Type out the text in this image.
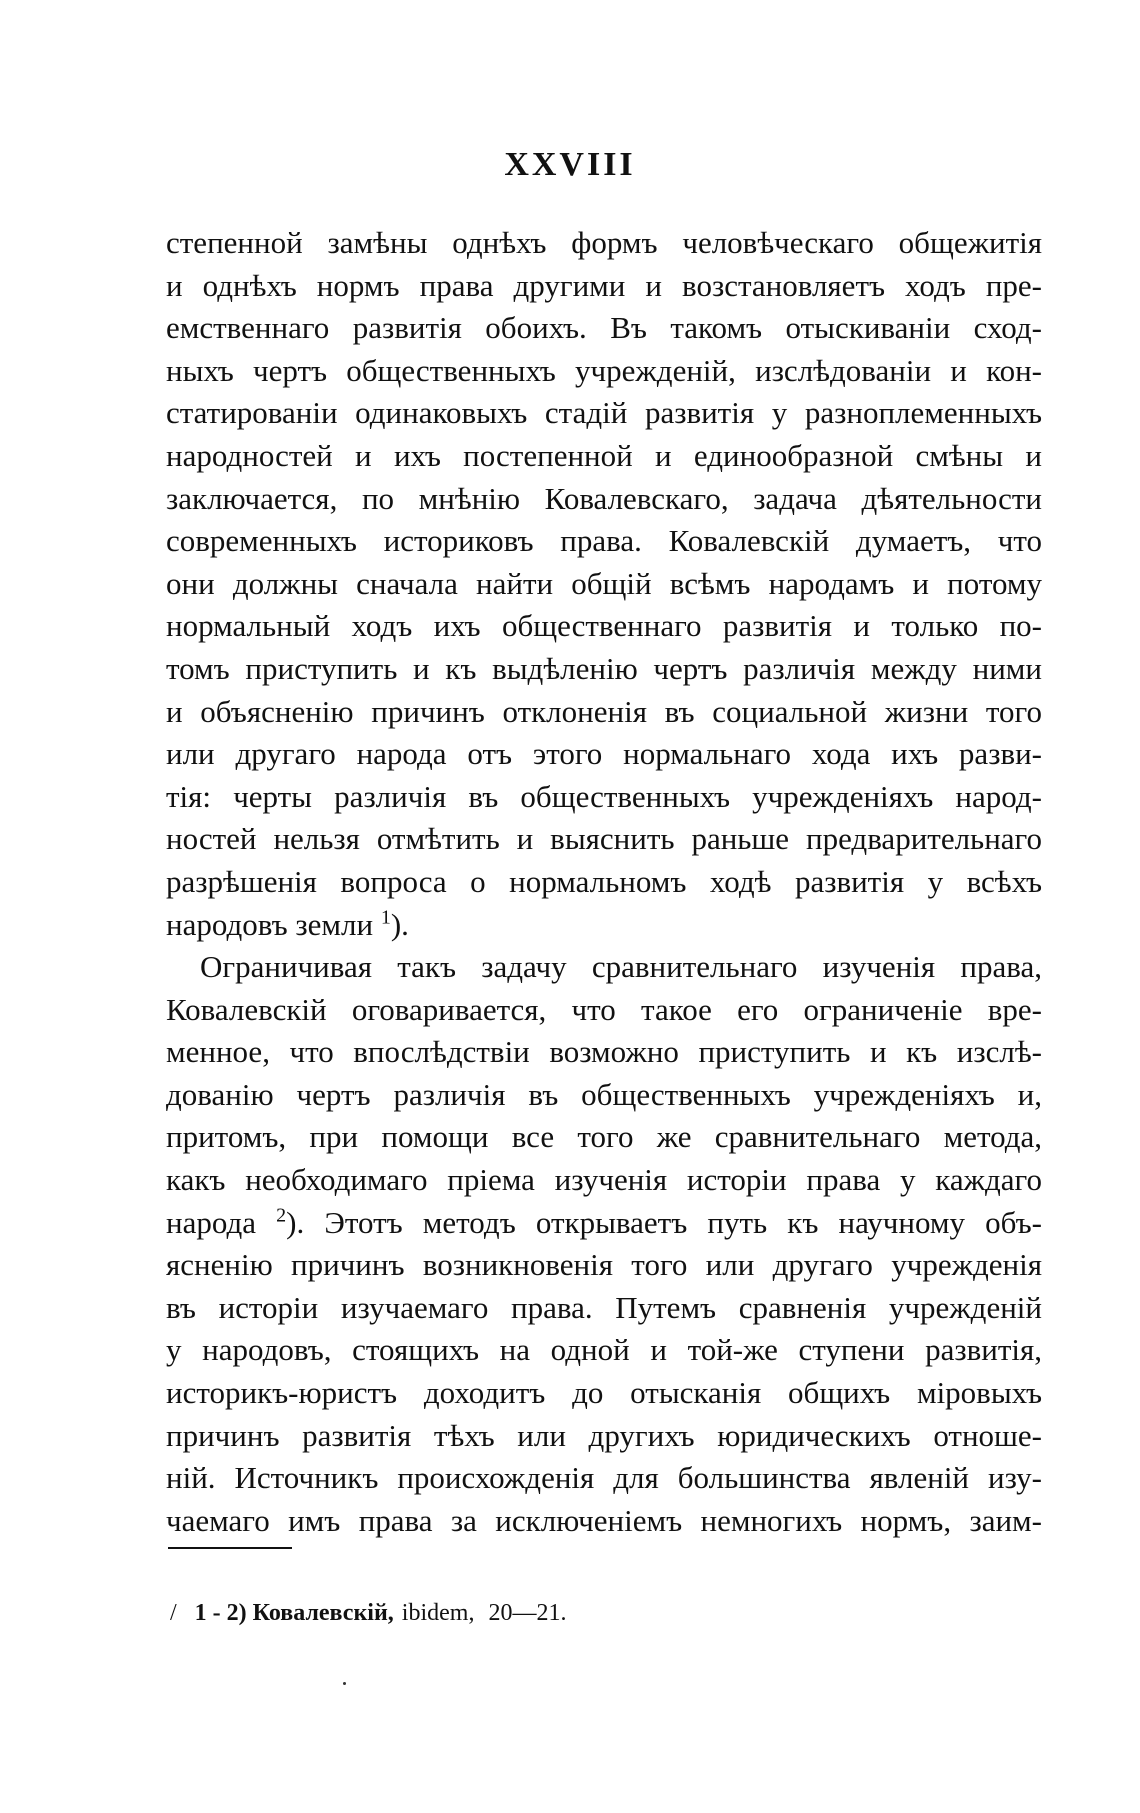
XXVIII
степенной замѣны однѣхъ формъ человѣческаго общежитія
и однѣхъ нормъ права другими и возстановляетъ ходъ пре-
емственнаго развитія обоихъ. Въ такомъ отыскиваніи сход-
ныхъ чертъ общественныхъ учрежденій, изслѣдованіи и кон-
статированіи одинаковыхъ стадій развитія у разноплеменныхъ
народностей и ихъ постепенной и единообразной смѣны и
заключается, по мнѣнію Ковалевскаго, задача дѣятельности
современныхъ историковъ права. Ковалевскій думаетъ, что
они должны сначала найти общій всѣмъ народамъ и потому
нормальный ходъ ихъ общественнаго развитія и только по-
томъ приступить и къ выдѣленію чертъ различія между ними
и объясненію причинъ отклоненія въ социальной жизни того
или другаго народа отъ этого нормальнаго хода ихъ разви-
тія: черты различія въ общественныхъ учрежденіяхъ народ-
ностей нельзя отмѣтить и выяснить раньше предварительнаго
разрѣшенія вопроса о нормальномъ ходѣ развитія у всѣхъ
народовъ земли $^1$).
Ограничивая такъ задачу сравнительнаго изученія права,
Ковалевскій оговаривается, что такое его ограниченіе вре-
менное, что впослѣдствіи возможно приступить и къ изслѣ-
дованію чертъ различія въ общественныхъ учрежденіяхъ и,
притомъ, при помощи все того же сравнительнаго метода,
какъ необходимаго пріема изученія исторіи права у каждаго
народа $^2$). Этотъ методъ открываетъ путь къ научному объ-
ясненію причинъ возникновенія того или другаго учрежденія
въ исторіи изучаемаго права. Путемъ сравненія учрежденій
у народовъ, стоящихъ на одной и той-же ступени развитія,
историкъ-юристъ доходитъ до отысканія общихъ міровыхъ
причинъ развитія тѣхъ или другихъ юридическихъ отноше-
ній. Источникъ происхожденія для большинства явленій изу-
чаемаго имъ права за исключеніемъ немногихъ нормъ, заим-
/ 1 - 2) Ковалевскій, ibidem, 20—21.
